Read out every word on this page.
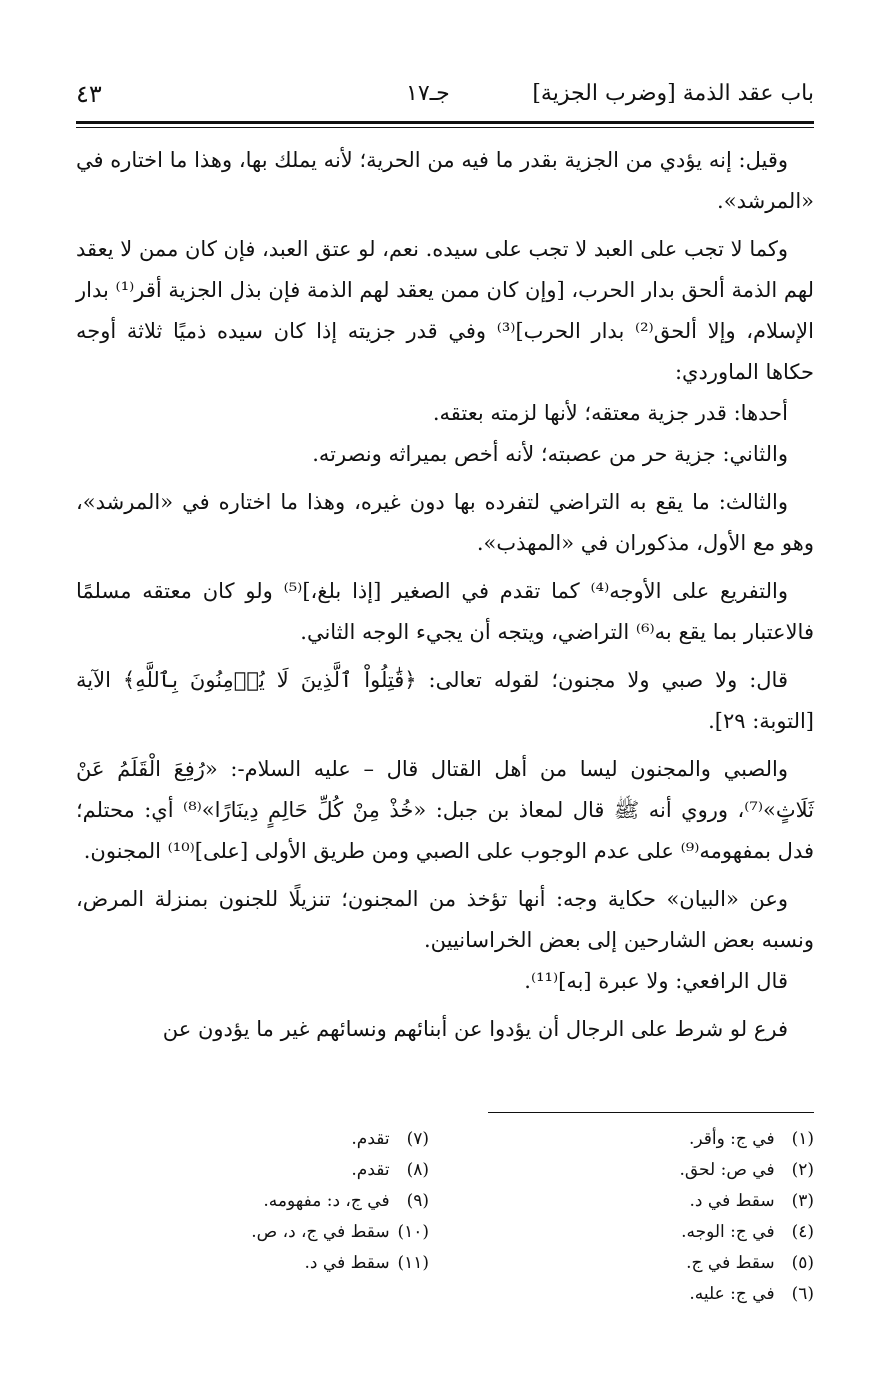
باب عقد الذمة [وضرب الجزية]
جـ١٧
٤٣

وقيل: إنه يؤدي من الجزية بقدر ما فيه من الحرية؛ لأنه يملك بها، وهذا ما اختاره في «المرشد».

وكما لا تجب على العبد لا تجب على سيده. نعم، لو عتق العبد، فإن كان ممن لا يعقد لهم الذمة ألحق بدار الحرب، [وإن كان ممن يعقد لهم الذمة فإن بذل الجزية أقر⁽¹⁾ بدار الإسلام، وإلا ألحق⁽²⁾ بدار الحرب]⁽³⁾ وفي قدر جزيته إذا كان سيده ذميًا ثلاثة أوجه حكاها الماوردي:

أحدها: قدر جزية معتقه؛ لأنها لزمته بعتقه.

والثاني: جزية حر من عصبته؛ لأنه أخص بميراثه ونصرته.

والثالث: ما يقع به التراضي لتفرده بها دون غيره، وهذا ما اختاره في «المرشد»، وهو مع الأول، مذكوران في «المهذب».

والتفريع على الأوجه⁽⁴⁾ كما تقدم في الصغير [إذا بلغ،]⁽⁵⁾ ولو كان معتقه مسلمًا فالاعتبار بما يقع به⁽⁶⁾ التراضي، ويتجه أن يجيء الوجه الثاني.

قال: ولا صبي ولا مجنون؛ لقوله تعالى: ﴿قَٰتِلُواْ ٱلَّذِينَ لَا يُؤۡمِنُونَ بِٱللَّهِ﴾ الآية [التوبة: ٢٩].

والصبي والمجنون ليسا من أهل القتال قال – عليه السلام-: «رُفِعَ الْقَلَمُ عَنْ ثَلَاثٍ»⁽⁷⁾، وروي أنه ﷺ قال لمعاذ بن جبل: «خُذْ مِنْ كُلِّ حَالِمٍ دِينَارًا»⁽⁸⁾ أي: محتلم؛ فدل بمفهومه⁽⁹⁾ على عدم الوجوب على الصبي ومن طريق الأولى [على]⁽¹⁰⁾ المجنون.

وعن «البيان» حكاية وجه: أنها تؤخذ من المجنون؛ تنزيلًا للجنون بمنزلة المرض، ونسبه بعض الشارحين إلى بعض الخراسانيين.

قال الرافعي: ولا عبرة [به]⁽¹¹⁾.

فرع لو شرط على الرجال أن يؤدوا عن أبنائهم ونسائهم غير ما يؤدون عن

(١) في ج: وأقر.
(٢) في ص: لحق.
(٣) سقط في د.
(٤) في ج: الوجه.
(٥) سقط في ج.
(٦) في ج: عليه.
(٧) تقدم.
(٨) تقدم.
(٩) في ج، د: مفهومه.
(١٠) سقط في ج، د، ص.
(١١) سقط في د.
